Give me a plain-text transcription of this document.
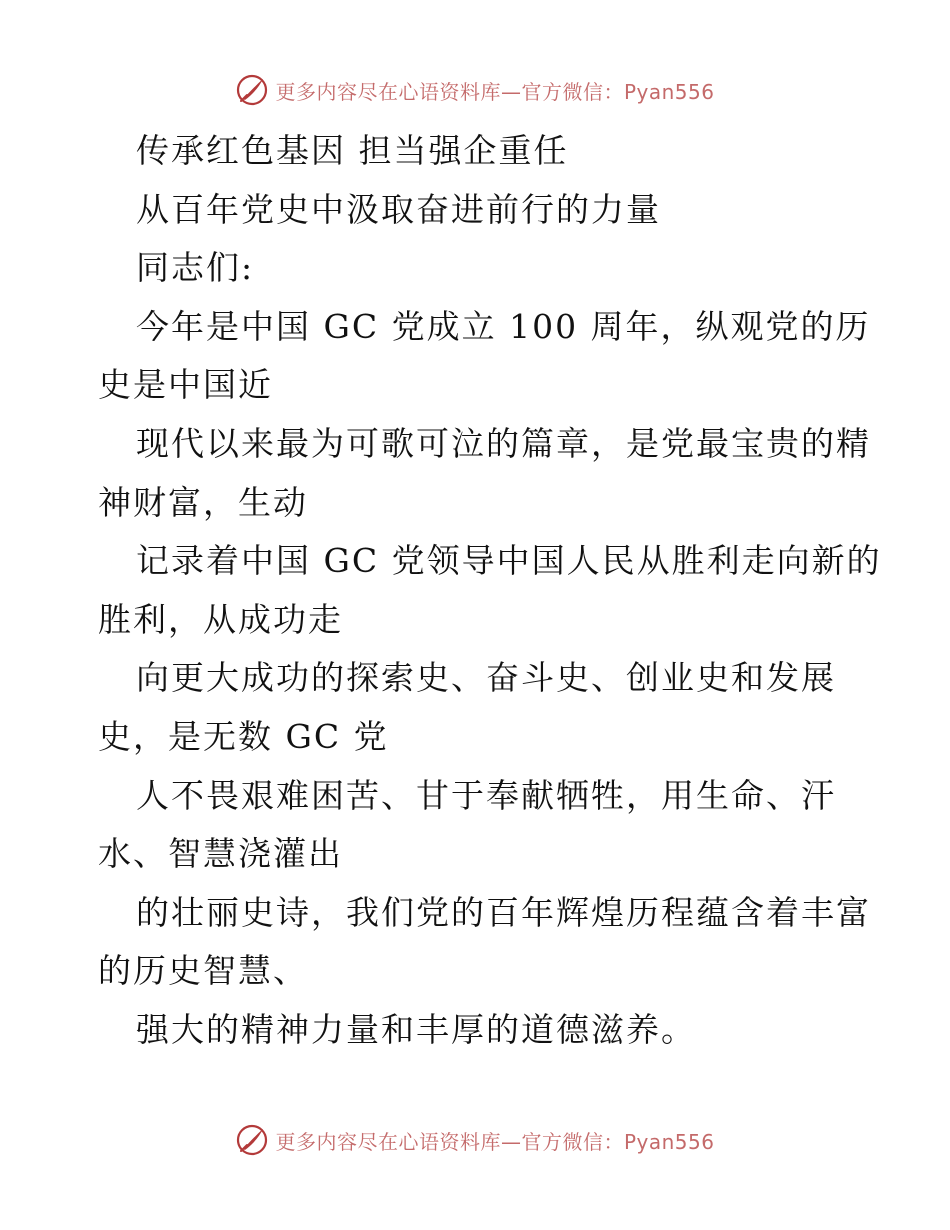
更多内容尽在心语资料库—官方微信：Pyan556

传承红色基因 担当强企重任

从百年党史中汲取奋进前行的力量

同志们:

今年是中国 GC 党成立 100 周年，纵观党的历

史是中国近

现代以来最为可歌可泣的篇章，是党最宝贵的精

神财富，生动

记录着中国 GC 党领导中国人民从胜利走向新的

胜利，从成功走

向更大成功的探索史、奋斗史、创业史和发展

史，是无数 GC 党

人不畏艰难困苦、甘于奉献牺牲，用生命、汗

水、智慧浇灌出

的壮丽史诗，我们党的百年辉煌历程蕴含着丰富

的历史智慧、

强大的精神力量和丰厚的道德滋养。

更多内容尽在心语资料库—官方微信：Pyan556
